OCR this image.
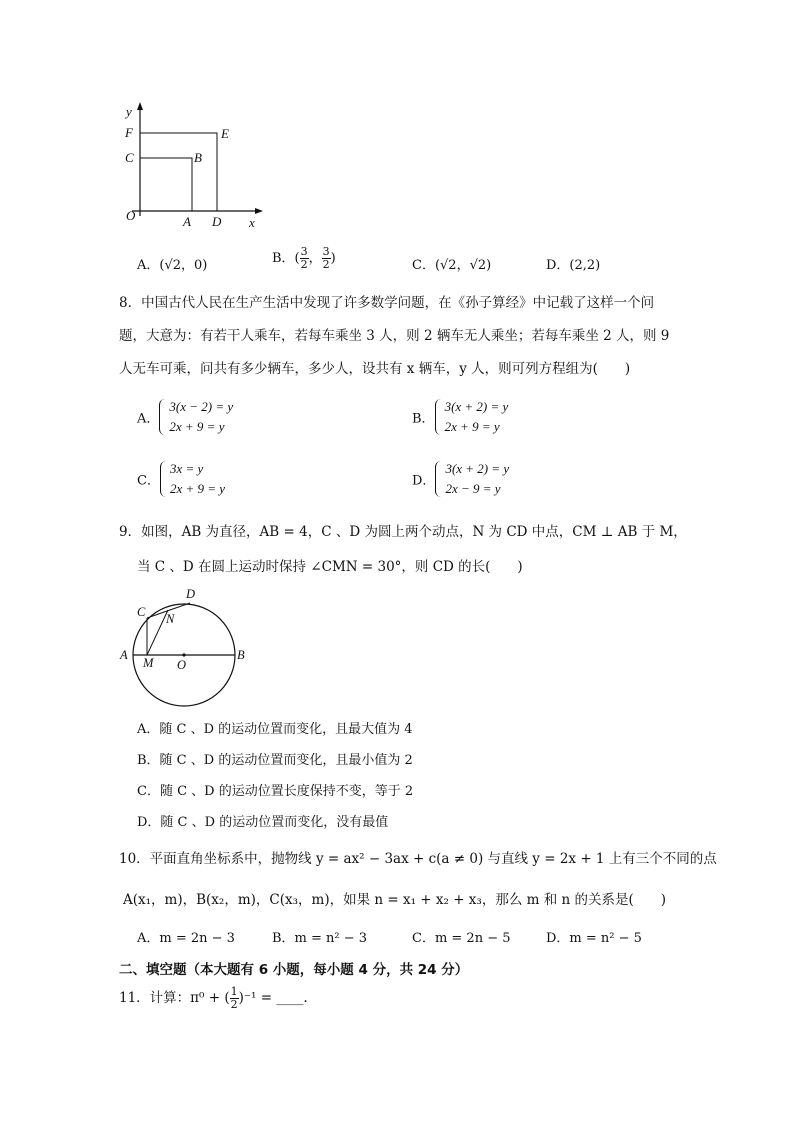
y
F	E
C	B
O	A D x
A．(√2，0)	B．( $\frac{3}{2}$ ， $\frac{3}{2}$ )	C．(√2，√2)	D．(2,2)
8．中国古代人民在生产生活中发现了许多数学问题，在《孙子算经》中记载了这样一个问
题，大意为：有若干人乘车，若每车乘坐 3 人，则 2 辆车无人乘坐；若每车乘坐 2 人，则 9
人无车可乘，问共有多少辆车，多少人，设共有 x 辆车，y 人，则可列方程组为(　　)
A．
3(x − 2) = y
2x + 9 = y	B．
3(x + 2) = y
2x + 9 = y
C．
3x = y
2x + 9 = y	D．
3(x + 2) = y
2x − 9 = y
9．如图，AB 为直径，AB = 4，C 、D 为圆上两个动点，N 为 CD 中点，CM ⊥ AB 于 M，
当 C 、D 在圆上运动时保持 ∠CMN = 30°，则 CD 的长(　　)
C
D
N
A
M O
B
A．随 C 、D 的运动位置而变化，且最大值为 4
B．随 C 、D 的运动位置而变化，且最小值为 2
C．随 C 、D 的运动位置长度保持不变，等于 2
D．随 C 、D 的运动位置而变化，没有最值
10．平面直角坐标系中，抛物线 y = ax² − 3ax + c(a ≠ 0) 与直线 y = 2x + 1 上有三个不同的点
A(x₁，m)，B(x₂，m)，C(x₃，m)，如果 n = x₁ + x₂ + x₃，那么 m 和 n 的关系是(　　)
A．m = 2n − 3	B．m = n² − 3	C．m = 2n − 5	D．m = n² − 5
二、填空题（本大题有 6 小题，每小题 4 分，共 24 分）
11．计算：π⁰ + ( $\frac{1}{2} )^{-1}$ = ____.
